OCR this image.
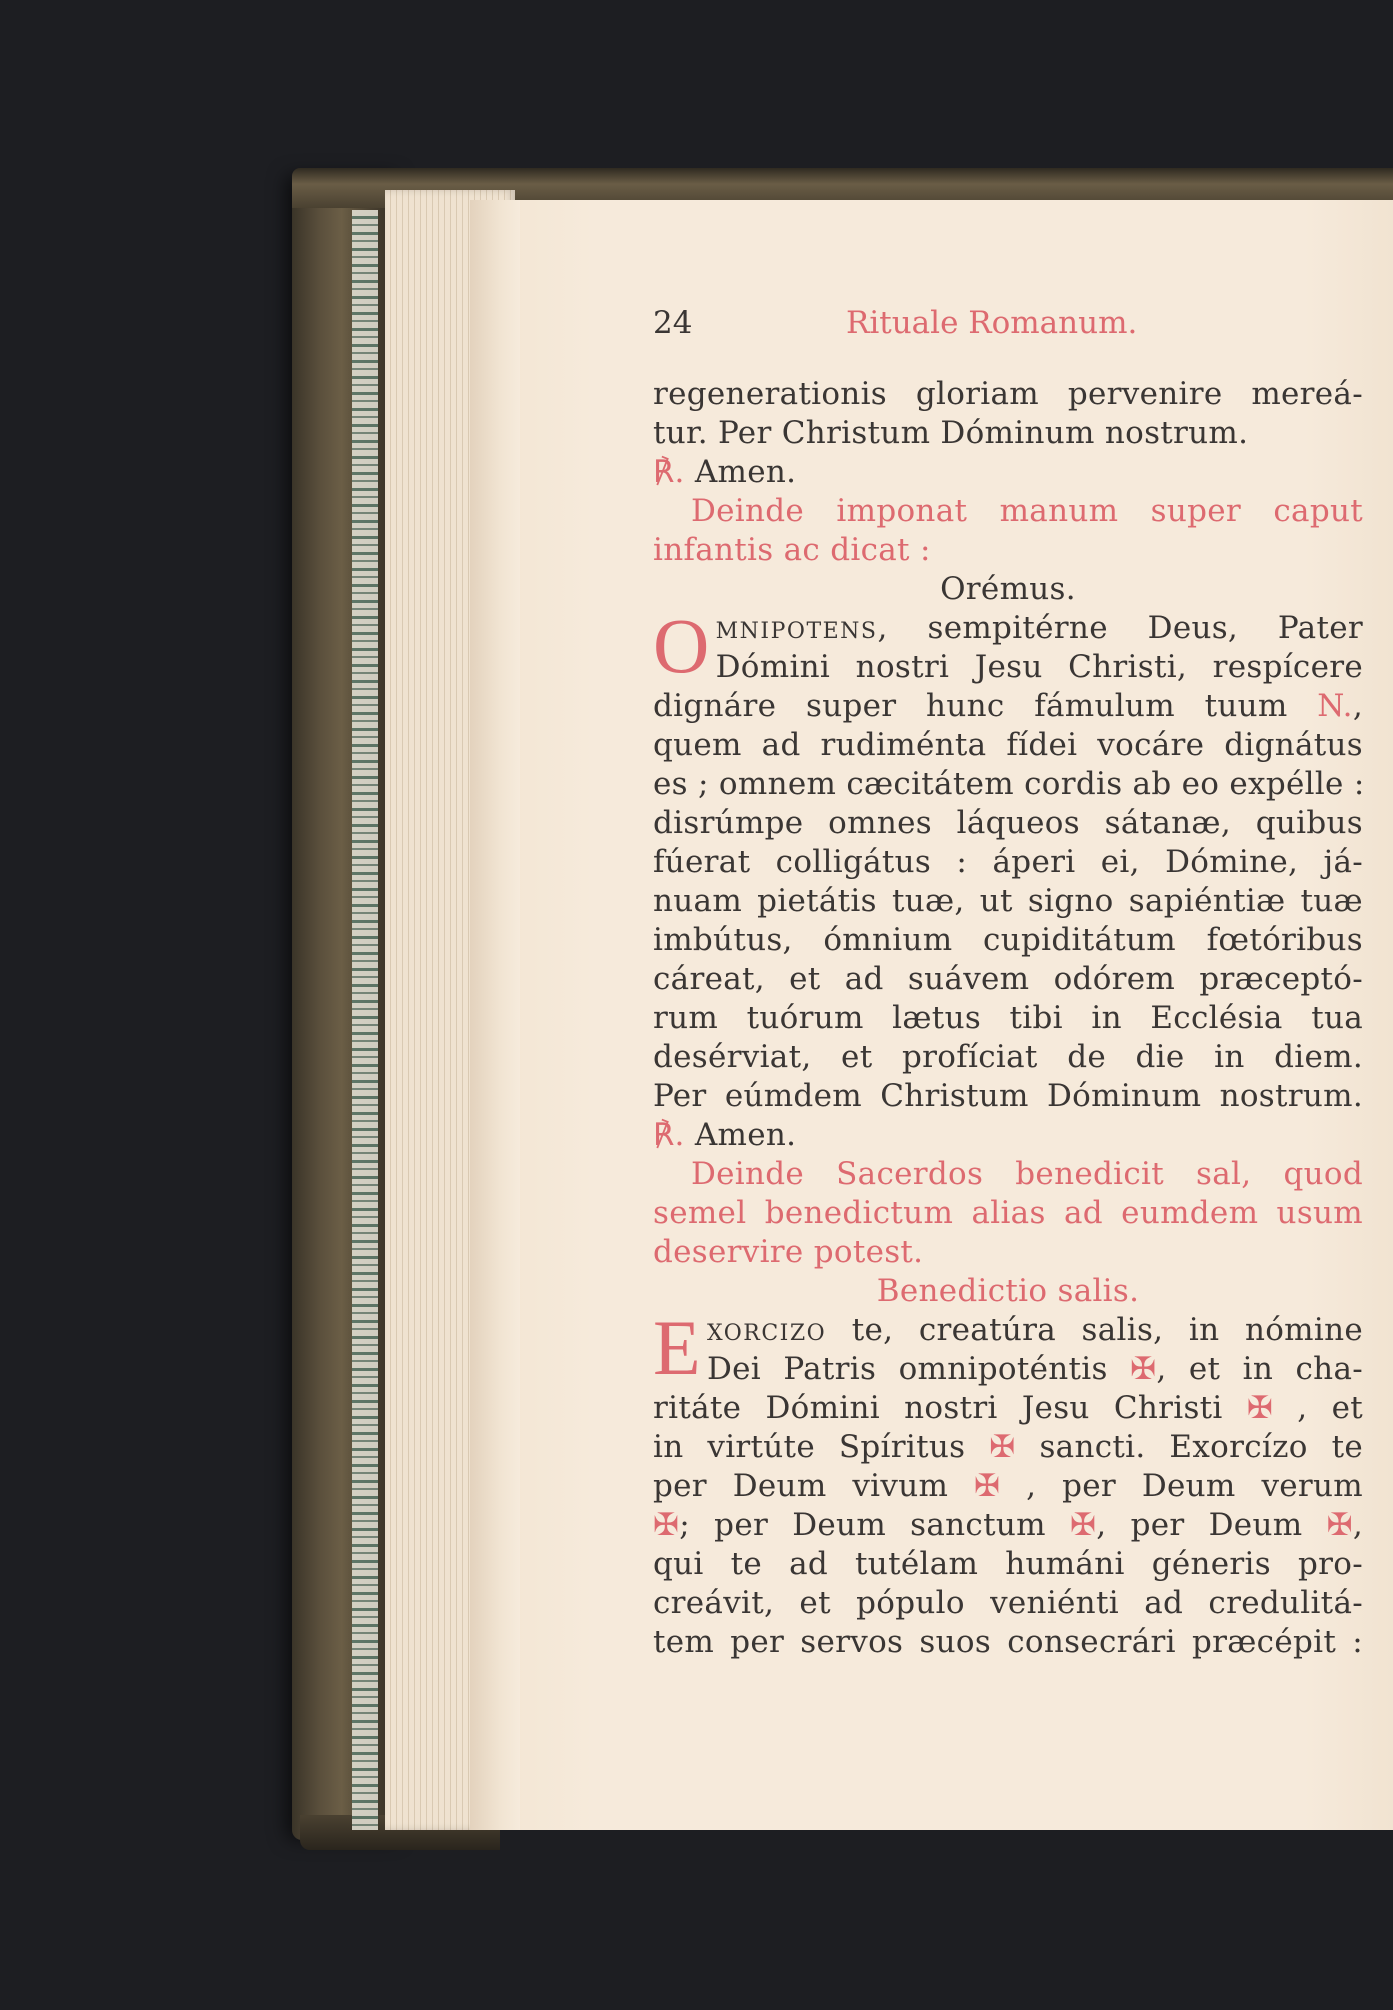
24	Rituale Romanum.
regenerationis gloriam pervenire mereá-
tur. Per Christum Dóminum nostrum.
℟. Amen.
Deinde imponat manum super caput
infantis ac dicat :
Orémus.
O mnipotens, sempitérne Deus, Pater
Dómini nostri Jesu Christi, respícere
dignáre super hunc fámulum tuum N.,
quem ad rudiménta fídei vocáre dignátus
es ; omnem cæcitátem cordis ab eo expélle :
disrúmpe omnes láqueos sátanæ, quibus
fúerat colligátus : áperi ei, Dómine, já-
nuam pietátis tuæ, ut signo sapiéntiæ tuæ
imbútus, ómnium cupiditátum fœtóribus
cáreat, et ad suávem odórem præceptó-
rum tuórum lætus tibi in Ecclésia tua
desérviat, et profíciat de die in diem.
Per eúmdem Christum Dóminum nostrum.
℟. Amen.
Deinde Sacerdos benedicit sal, quod
semel benedictum alias ad eumdem usum
deservire potest.
Benedictio salis.
E xorcizo te, creatúra salis, in nómine
Dei Patris omnipoténtis ✠, et in cha-
ritáte Dómini nostri Jesu Christi ✠ , et
in virtúte Spíritus ✠ sancti. Exorcízo te
per Deum vivum ✠ , per Deum verum
✠; per Deum sanctum ✠, per Deum ✠,
qui te ad tutélam humáni géneris pro-
creávit, et pópulo veniénti ad credulitá-
tem per servos suos consecrári præcépit :
